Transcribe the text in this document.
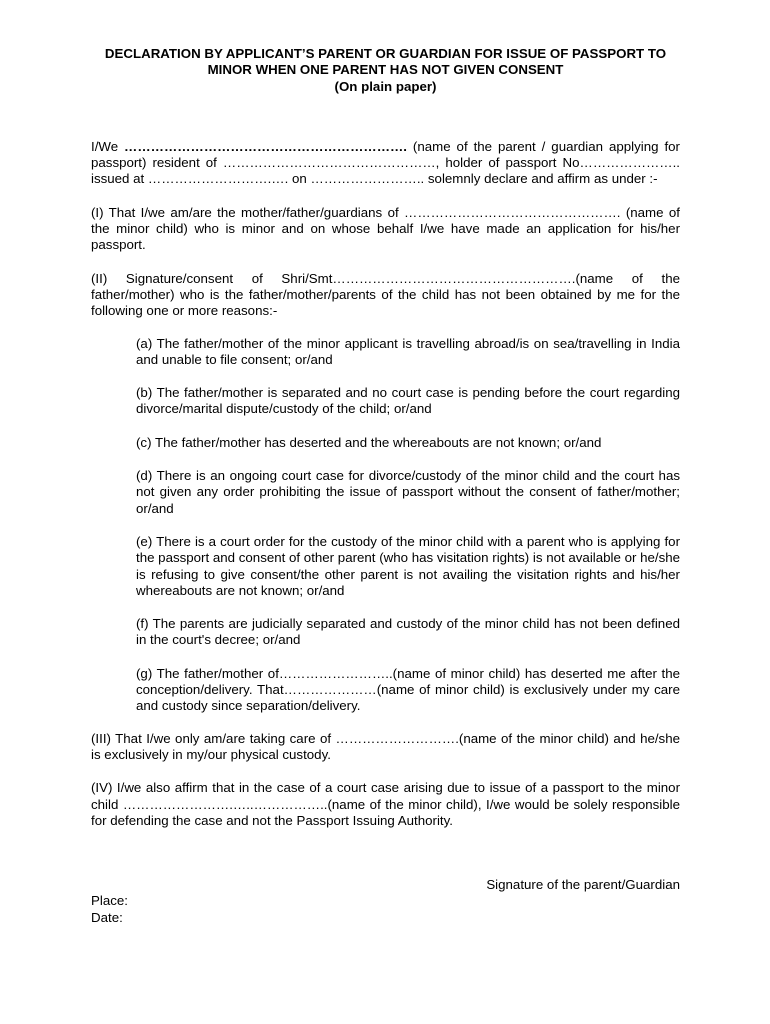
DECLARATION BY APPLICANT’S PARENT OR GUARDIAN FOR ISSUE OF PASSPORT TO

MINOR WHEN ONE PARENT HAS NOT GIVEN CONSENT

(On plain paper)

I/We ………………………………………………………. (name of the parent / guardian applying for passport) resident of …………………………………………, holder of passport No………………….. issued at ……………………….…. on …………………….. solemnly declare and affirm as under :-

(I) That I/we am/are the mother/father/guardians of …………………………………………. (name of the minor child) who is minor and on whose behalf I/we have made an application for his/her passport.

(II) Signature/consent of Shri/Smt……………………………………………….(name of the father/mother) who is the father/mother/parents of the child has not been obtained by me for the following one or more reasons:-

(a) The father/mother of the minor applicant is travelling abroad/is on sea/travelling in India and unable to file consent; or/and

(b) The father/mother is separated and no court case is pending before the court regarding divorce/marital dispute/custody of the child; or/and

(c) The father/mother has deserted and the whereabouts are not known; or/and

(d) There is an ongoing court case for divorce/custody of the minor child and the court has not given any order prohibiting the issue of passport without the consent of father/mother; or/and

(e) There is a court order for the custody of the minor child with a parent who is applying for the passport and consent of other parent (who has visitation rights) is not available or he/she is refusing to give consent/the other parent is not availing the visitation rights and his/her whereabouts are not known; or/and

(f) The parents are judicially separated and custody of the minor child has not been defined in the court's decree; or/and

(g) The father/mother of……………………..(name of minor child) has deserted me after the conception/delivery. That…………………(name of minor child) is exclusively under my care and custody since separation/delivery.

(III) That I/we only am/are taking care of ……………………….(name of the minor child) and he/she is exclusively in my/our physical custody.

(IV) I/we also affirm that in the case of a court case arising due to issue of a passport to the minor child …………………….…..……………..(name of the minor child), I/we would be solely responsible for defending the case and not the Passport Issuing Authority.

Signature of the parent/Guardian

Place:
Date:
